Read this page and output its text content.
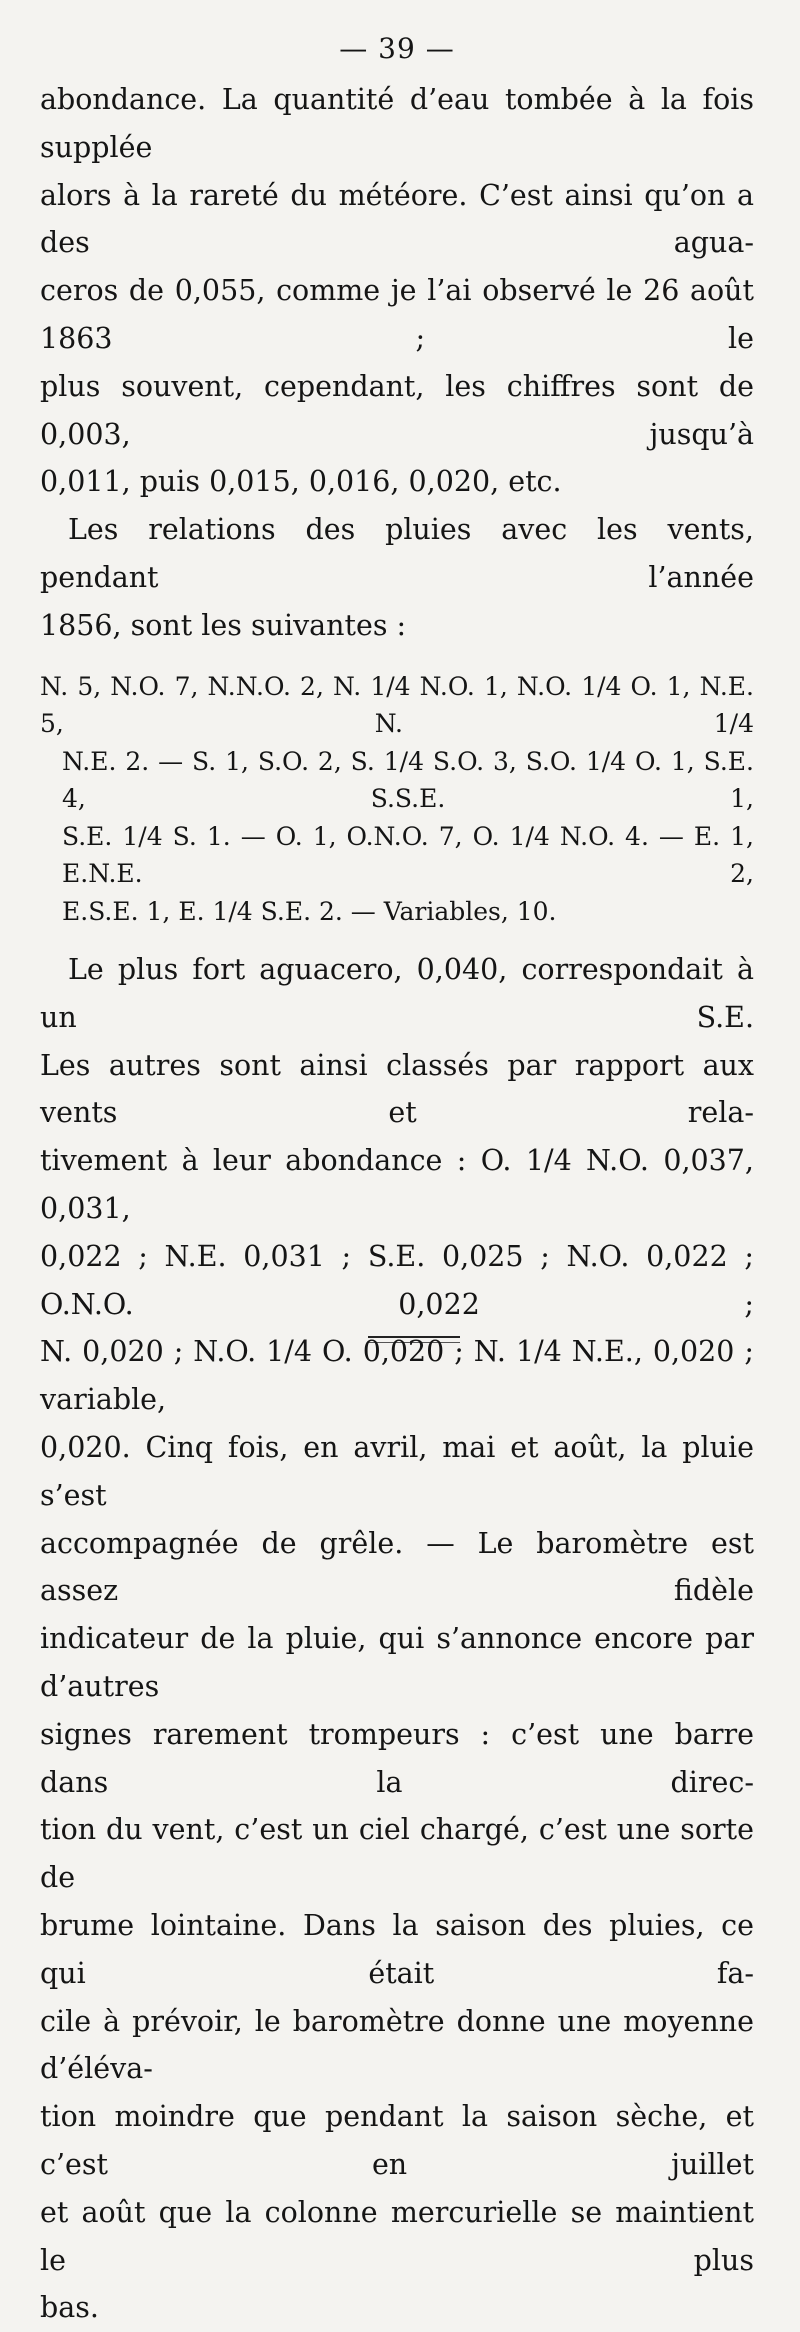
— 39 —

abondance. La quantité d’eau tombée à la fois supplée
alors à la rareté du météore. C’est ainsi qu’on a des agua-
ceros de 0,055, comme je l’ai observé le 26 août 1863 ; le
plus souvent, cependant, les chiffres sont de 0,003, jusqu’à
0,011, puis 0,015, 0,016, 0,020, etc.

Les relations des pluies avec les vents, pendant l’année
1856, sont les suivantes :

N. 5, N.O. 7, N.N.O. 2, N. 1/4 N.O. 1, N.O. 1/4 O. 1, N.E. 5, N. 1/4
N.E. 2. — S. 1, S.O. 2, S. 1/4 S.O. 3, S.O. 1/4 O. 1, S.E. 4, S.S.E. 1,
S.E. 1/4 S. 1. — O. 1, O.N.O. 7, O. 1/4 N.O. 4. — E. 1, E.N.E. 2,
E.S.E. 1, E. 1/4 S.E. 2. — Variables, 10.

Le plus fort aguacero, 0,040, correspondait à un S.E.
Les autres sont ainsi classés par rapport aux vents et rela-
tivement à leur abondance : O. 1/4 N.O. 0,037, 0,031,
0,022 ; N.E. 0,031 ; S.E. 0,025 ; N.O. 0,022 ; O.N.O. 0,022 ;
N. 0,020 ; N.O. 1/4 O. 0,020 ; N. 1/4 N.E., 0,020 ; variable,
0,020. Cinq fois, en avril, mai et août, la pluie s’est
accompagnée de grêle. — Le baromètre est assez fidèle
indicateur de la pluie, qui s’annonce encore par d’autres
signes rarement trompeurs : c’est une barre dans la direc-
tion du vent, c’est un ciel chargé, c’est une sorte de
brume lointaine. Dans la saison des pluies, ce qui était fa-
cile à prévoir, le baromètre donne une moyenne d’éléva-
tion moindre que pendant la saison sèche, et c’est en juillet
et août que la colonne mercurielle se maintient le plus
bas.
